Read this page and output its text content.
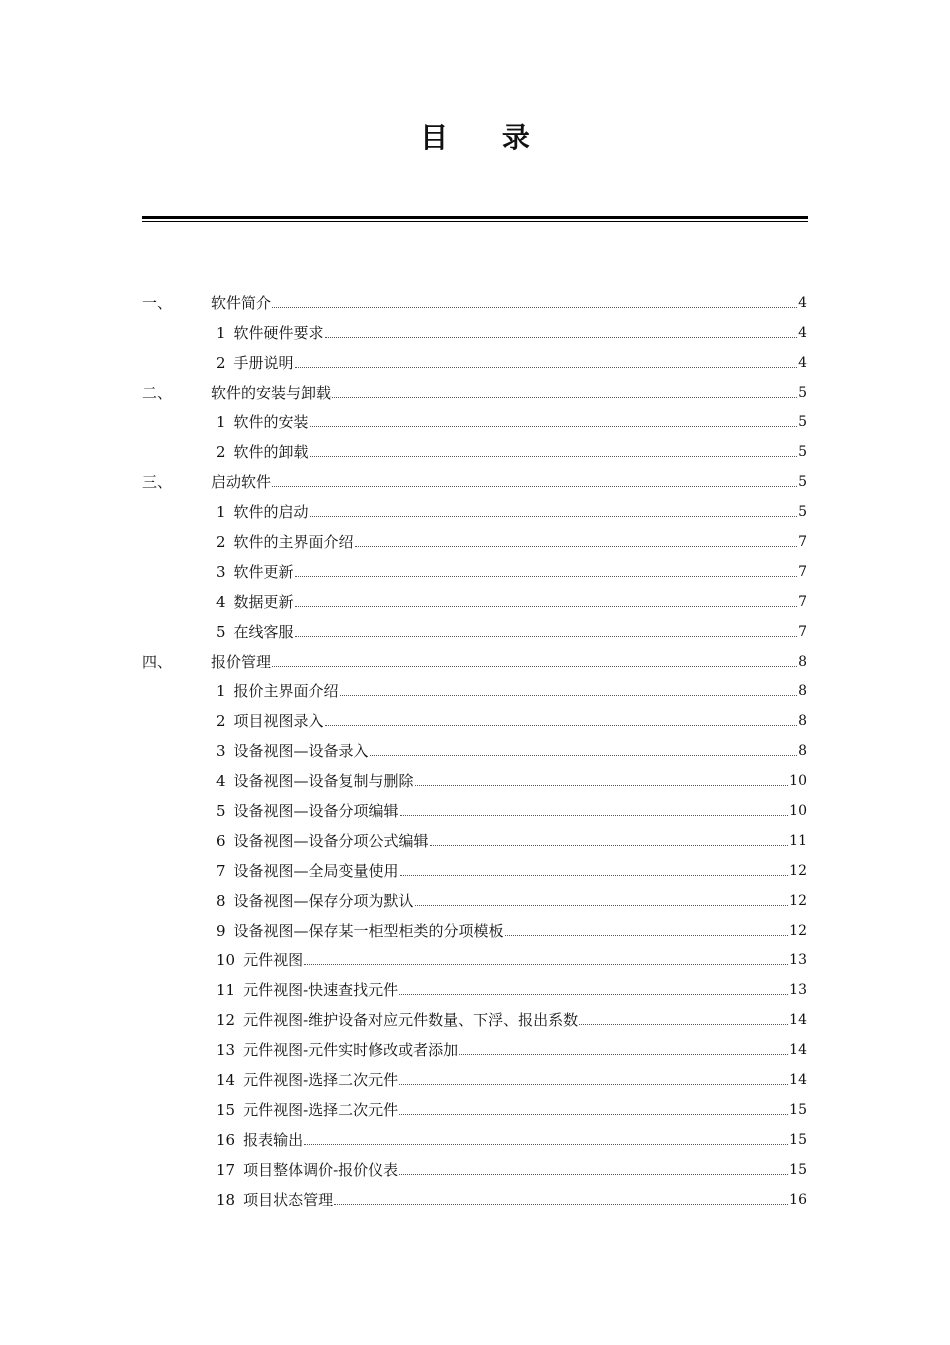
目 录
一、	软件简介	4
1 软件硬件要求	4
2 手册说明	4
二、	软件的安装与卸载	5
1 软件的安装	5
2 软件的卸载	5
三、	启动软件	5
1 软件的启动	5
2 软件的主界面介绍	7
3 软件更新	7
4 数据更新	7
5 在线客服	7
四、	报价管理	8
1 报价主界面介绍	8
2 项目视图录入	8
3 设备视图—设备录入	8
4 设备视图—设备复制与删除	10
5 设备视图—设备分项编辑	10
6 设备视图—设备分项公式编辑	11
7 设备视图—全局变量使用	12
8 设备视图—保存分项为默认	12
9 设备视图—保存某一柜型柜类的分项模板	12
10 元件视图	13
11 元件视图-快速查找元件	13
12 元件视图-维护设备对应元件数量、下浮、报出系数	14
13 元件视图-元件实时修改或者添加	14
14 元件视图-选择二次元件	14
15 元件视图-选择二次元件	15
16 报表输出	15
17 项目整体调价-报价仪表	15
18 项目状态管理	16
